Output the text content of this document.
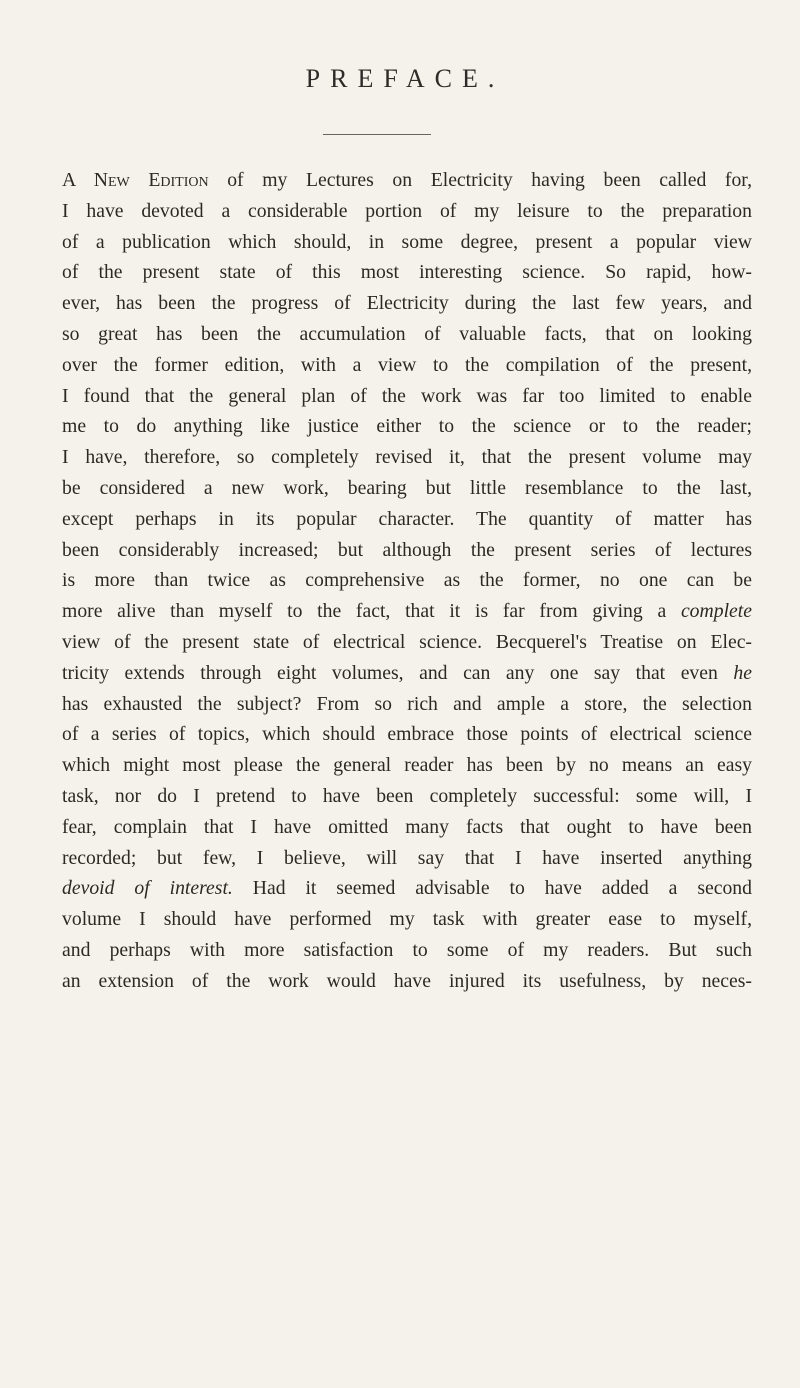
PREFACE.
A New Edition of my Lectures on Electricity having been called for,
I have devoted a considerable portion of my leisure to the preparation
of a publication which should, in some degree, present a popular view
of the present state of this most interesting science. So rapid, how-
ever, has been the progress of Electricity during the last few years, and
so great has been the accumulation of valuable facts, that on looking
over the former edition, with a view to the compilation of the present,
I found that the general plan of the work was far too limited to enable
me to do anything like justice either to the science or to the reader;
I have, therefore, so completely revised it, that the present volume may
be considered a new work, bearing but little resemblance to the last,
except perhaps in its popular character. The quantity of matter has
been considerably increased; but although the present series of lectures
is more than twice as comprehensive as the former, no one can be
more alive than myself to the fact, that it is far from giving a complete
view of the present state of electrical science. Becquerel's Treatise on Elec-
tricity extends through eight volumes, and can any one say that even he
has exhausted the subject? From so rich and ample a store, the selection
of a series of topics, which should embrace those points of electrical science
which might most please the general reader has been by no means an easy
task, nor do I pretend to have been completely successful: some will, I
fear, complain that I have omitted many facts that ought to have been
recorded; but few, I believe, will say that I have inserted anything
devoid of interest. Had it seemed advisable to have added a second
volume I should have performed my task with greater ease to myself,
and perhaps with more satisfaction to some of my readers. But such
an extension of the work would have injured its usefulness, by neces-
